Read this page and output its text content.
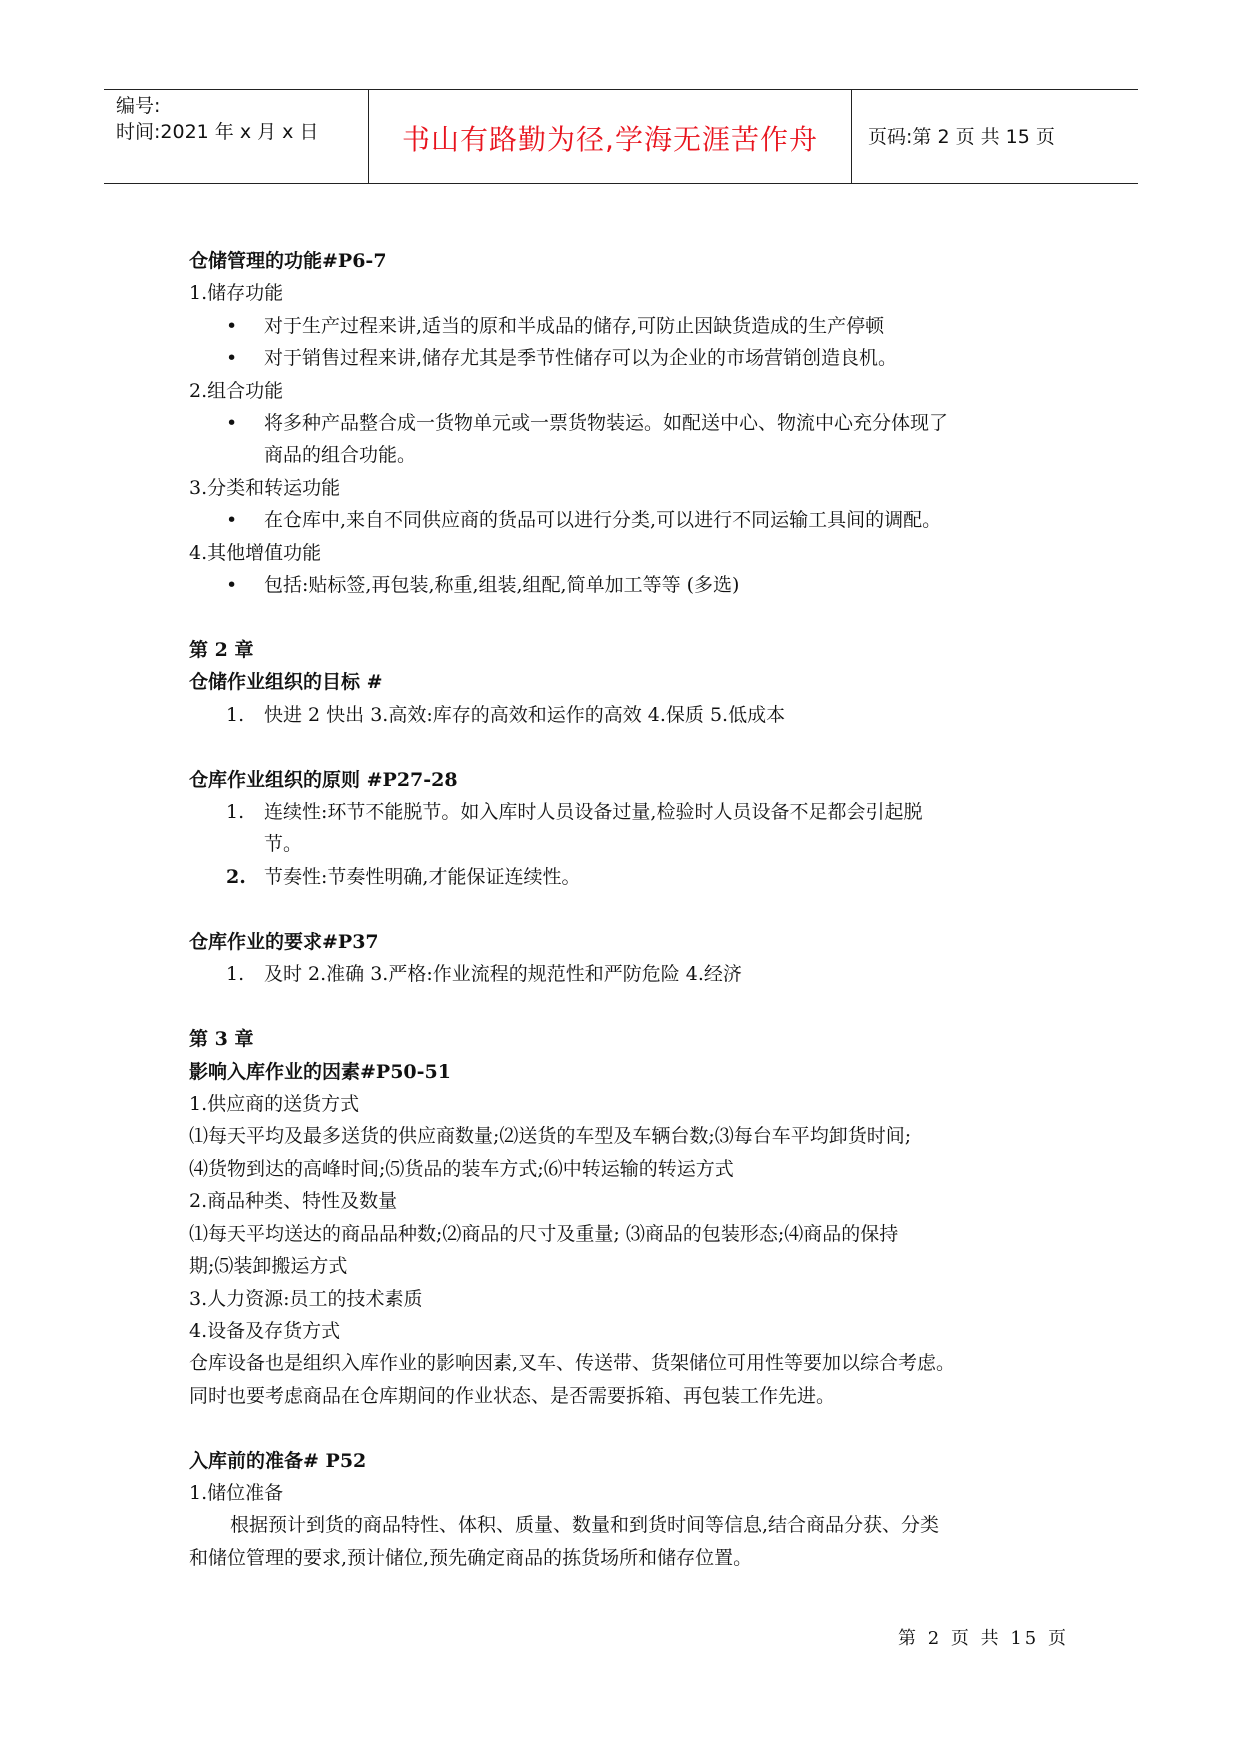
编号:
时间:2021 年 x 月 x 日	书山有路勤为径,学海无涯苦作舟	页码:第 2 页 共 15 页
仓储管理的功能#P6-7
1.储存功能
• 对于生产过程来讲,适当的原和半成品的储存,可防止因缺货造成的生产停顿
• 对于销售过程来讲,储存尤其是季节性储存可以为企业的市场营销创造良机。
2.组合功能
• 将多种产品整合成一货物单元或一票货物装运。如配送中心、物流中心充分体现了
商品的组合功能。
3.分类和转运功能
• 在仓库中,来自不同供应商的货品可以进行分类,可以进行不同运输工具间的调配。
4.其他增值功能
• 包括:贴标签,再包装,称重,组装,组配,简单加工等等 (多选)
第 2 章
仓储作业组织的目标 #
1. 快进 2 快出 3.高效:库存的高效和运作的高效 4.保质 5.低成本
仓库作业组织的原则 #P27-28
1. 连续性:环节不能脱节。如入库时人员设备过量,检验时人员设备不足都会引起脱
节。
2. 节奏性:节奏性明确,才能保证连续性。
仓库作业的要求#P37
1. 及时 2.准确 3.严格:作业流程的规范性和严防危险 4.经济
第 3 章
影响入库作业的因素#P50-51
1.供应商的送货方式
⑴每天平均及最多送货的供应商数量;⑵送货的车型及车辆台数;⑶每台车平均卸货时间;
⑷货物到达的高峰时间;⑸货品的装车方式;⑹中转运输的转运方式
2.商品种类、特性及数量
⑴每天平均送达的商品品种数;⑵商品的尺寸及重量; ⑶商品的包装形态;⑷商品的保持
期;⑸装卸搬运方式
3.人力资源:员工的技术素质
4.设备及存货方式
仓库设备也是组织入库作业的影响因素,叉车、传送带、货架储位可用性等要加以综合考虑。
同时也要考虑商品在仓库期间的作业状态、是否需要拆箱、再包装工作先进。
入库前的准备# P52
1.储位准备
根据预计到货的商品特性、体积、质量、数量和到货时间等信息,结合商品分获、分类
和储位管理的要求,预计储位,预先确定商品的拣货场所和储存位置。
第 2 页 共 15 页
